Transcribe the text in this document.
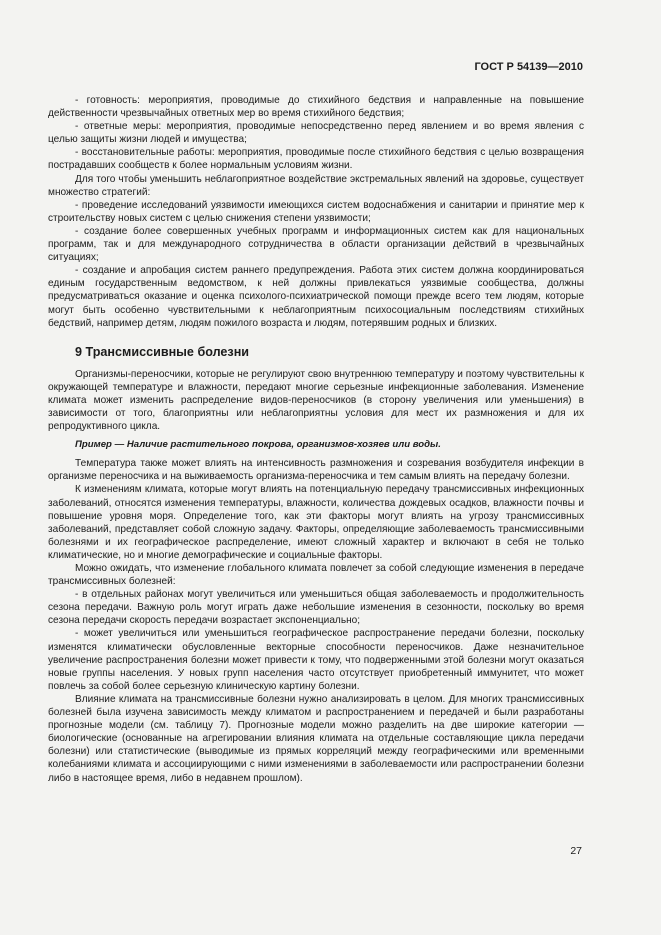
ГОСТ Р 54139—2010

- готовность: мероприятия, проводимые до стихийного бедствия и направленные на повышение действенности чрезвычайных ответных мер во время стихийного бедствия;

- ответные меры: мероприятия, проводимые непосредственно перед явлением и во время явления с целью защиты жизни людей и имущества;

- восстановительные работы: мероприятия, проводимые после стихийного бедствия с целью возвращения пострадавших сообществ к более нормальным условиям жизни.

Для того чтобы уменьшить неблагоприятное воздействие экстремальных явлений на здоровье, существует множество стратегий:

- проведение исследований уязвимости имеющихся систем водоснабжения и санитарии и принятие мер к строительству новых систем с целью снижения степени уязвимости;

- создание более совершенных учебных программ и информационных систем как для национальных программ, так и для международного сотрудничества в области организации действий в чрезвычайных ситуациях;

- создание и апробация систем раннего предупреждения. Работа этих систем должна координироваться единым государственным ведомством, к ней должны привлекаться уязвимые сообщества, должны предусматриваться оказание и оценка психолого-психиатрической помощи прежде всего тем людям, которые могут быть особенно чувствительными к неблагоприятным психосоциальным последствиям стихийных бедствий, например детям, людям пожилого возраста и людям, потерявшим родных и близких.

9 Трансмиссивные болезни

Организмы-переносчики, которые не регулируют свою внутреннюю температуру и поэтому чувствительны к окружающей температуре и влажности, передают многие серьезные инфекционные заболевания. Изменение климата может изменить распределение видов-переносчиков (в сторону увеличения или уменьшения) в зависимости от того, благоприятны или неблагоприятны условия для мест их размножения и для их репродуктивного цикла.

Пример — Наличие растительного покрова, организмов-хозяев или воды.

Температура также может влиять на интенсивность размножения и созревания возбудителя инфекции в организме переносчика и на выживаемость организма-переносчика и тем самым влиять на передачу болезни.

К изменениям климата, которые могут влиять на потенциальную передачу трансмиссивных инфекционных заболеваний, относятся изменения температуры, влажности, количества дождевых осадков, влажности почвы и повышение уровня моря. Определение того, как эти факторы могут влиять на угрозу трансмиссивных заболеваний, представляет собой сложную задачу. Факторы, определяющие заболеваемость трансмиссивными болезнями и их географическое распределение, имеют сложный характер и включают в себя не только климатические, но и многие демографические и социальные факторы.

Можно ожидать, что изменение глобального климата повлечет за собой следующие изменения в передаче трансмиссивных болезней:

- в отдельных районах могут увеличиться или уменьшиться общая заболеваемость и продолжительность сезона передачи. Важную роль могут играть даже небольшие изменения в сезонности, поскольку во время сезона передачи скорость передачи возрастает экспоненциально;

- может увеличиться или уменьшиться географическое распространение передачи болезни, поскольку изменятся климатически обусловленные векторные способности переносчиков. Даже незначительное увеличение распространения болезни может привести к тому, что подверженными этой болезни могут оказаться новые группы населения. У новых групп населения часто отсутствует приобретенный иммунитет, что может повлечь за собой более серьезную клиническую картину болезни.

Влияние климата на трансмиссивные болезни нужно анализировать в целом. Для многих трансмиссивных болезней была изучена зависимость между климатом и распространением и передачей и были разработаны прогнозные модели (см. таблицу 7). Прогнозные модели можно разделить на две широкие категории — биологические (основанные на агрегировании влияния климата на отдельные составляющие цикла передачи болезни) или статистические (выводимые из прямых корреляций между географическими или временными колебаниями климата и ассоциирующими с ними изменениями в заболеваемости или распространении болезни либо в настоящее время, либо в недавнем прошлом).

27
